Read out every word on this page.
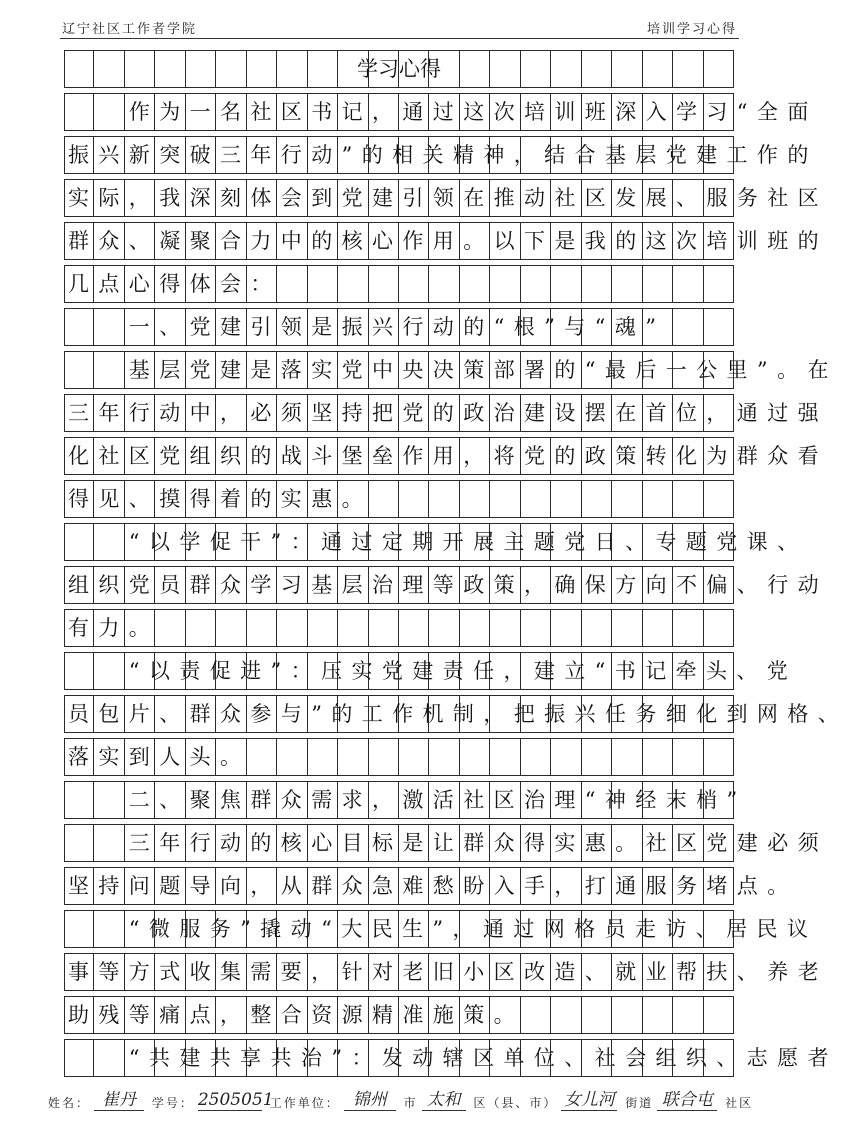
辽宁社区工作者学院	培训学习心得
学习心得
　　作为一名社区书记，通过这次培训班深入学习“全面
振兴新突破三年行动”的相关精神，结合基层党建工作的
实际，我深刻体会到党建引领在推动社区发展、服务社区
群众、凝聚合力中的核心作用。以下是我的这次培训班的
几点心得体会：
　　一、党建引领是振兴行动的“根”与“魂”
　　基层党建是落实党中央决策部署的“最后一公里”。在
三年行动中，必须坚持把党的政治建设摆在首位，通过强
化社区党组织的战斗堡垒作用，将党的政策转化为群众看
得见、摸得着的实惠。
　　“以学促干”：通过定期开展主题党日、专题党课、
组织党员群众学习基层治理等政策，确保方向不偏、行动
有力。
　　“以责促进”：压实党建责任，建立“书记牵头、党
员包片、群众参与”的工作机制，把振兴任务细化到网格、
落实到人头。
　　二、聚焦群众需求，激活社区治理“神经末梢”
　　三年行动的核心目标是让群众得实惠。社区党建必须
坚持问题导向，从群众急难愁盼入手，打通服务堵点。
　　“微服务”撬动“大民生”，通过网格员走访、居民议
事等方式收集需要，针对老旧小区改造、就业帮扶、养老
助残等痛点，整合资源精准施策。
　　“共建共享共治”：发动辖区单位、社会组织、志愿者
姓名： 崔丹 学号： 2505051 工作单位： 锦州 市 太和 区（县、市） 女儿河 街道 联合屯 社区
